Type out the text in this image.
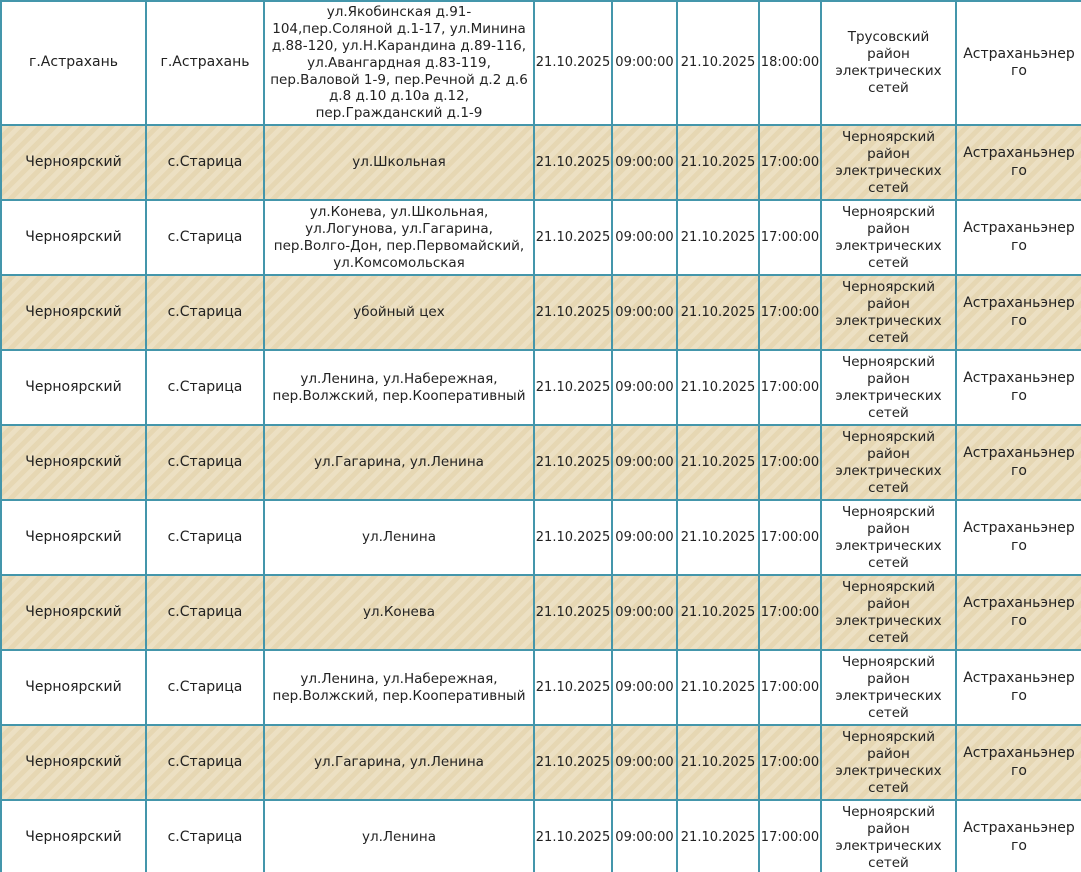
г.Астрахань	г.Астрахань	ул.Якобинская д.91-104,пер.Соляной д.1-17, ул.Минина д.88-120, ул.Н.Карандина д.89-116, ул.Авангардная д.83-119, пер.Валовой 1-9, пер.Речной д.2 д.6 д.8 д.10 д.10а д.12, пер.Гражданский д.1-9	21.10.2025	09:00:00	21.10.2025	18:00:00	Трусовский район электрических сетей	Астраханьэнерго
Черноярский	с.Старица	ул.Школьная	21.10.2025	09:00:00	21.10.2025	17:00:00	Черноярский район электрических сетей	Астраханьэнерго
Черноярский	с.Старица	ул.Конева, ул.Школьная, ул.Логунова, ул.Гагарина, пер.Волго-Дон, пер.Первомайский, ул.Комсомольская	21.10.2025	09:00:00	21.10.2025	17:00:00	Черноярский район электрических сетей	Астраханьэнерго
Черноярский	с.Старица	убойный цех	21.10.2025	09:00:00	21.10.2025	17:00:00	Черноярский район электрических сетей	Астраханьэнерго
Черноярский	с.Старица	ул.Ленина, ул.Набережная, пер.Волжский, пер.Кооперативный	21.10.2025	09:00:00	21.10.2025	17:00:00	Черноярский район электрических сетей	Астраханьэнерго
Черноярский	с.Старица	ул.Гагарина, ул.Ленина	21.10.2025	09:00:00	21.10.2025	17:00:00	Черноярский район электрических сетей	Астраханьэнерго
Черноярский	с.Старица	ул.Ленина	21.10.2025	09:00:00	21.10.2025	17:00:00	Черноярский район электрических сетей	Астраханьэнерго
Черноярский	с.Старица	ул.Конева	21.10.2025	09:00:00	21.10.2025	17:00:00	Черноярский район электрических сетей	Астраханьэнерго
Черноярский	с.Старица	ул.Ленина, ул.Набережная, пер.Волжский, пер.Кооперативный	21.10.2025	09:00:00	21.10.2025	17:00:00	Черноярский район электрических сетей	Астраханьэнерго
Черноярский	с.Старица	ул.Гагарина, ул.Ленина	21.10.2025	09:00:00	21.10.2025	17:00:00	Черноярский район электрических сетей	Астраханьэнерго
Черноярский	с.Старица	ул.Ленина	21.10.2025	09:00:00	21.10.2025	17:00:00	Черноярский район электрических сетей	Астраханьэнерго
